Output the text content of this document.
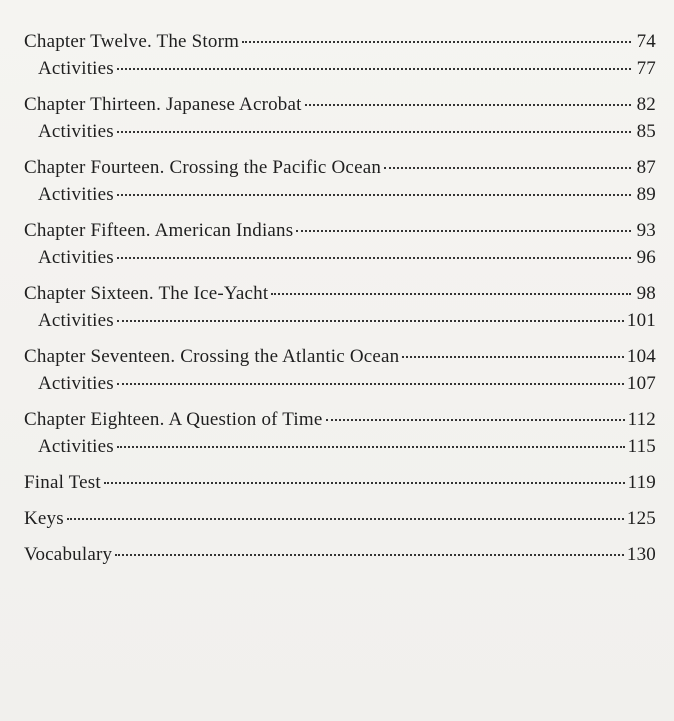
Chapter Twelve. The Storm	74
Activities	77
Chapter Thirteen. Japanese Acrobat	82
Activities	85
Chapter Fourteen. Crossing the Pacific Ocean	87
Activities	89
Chapter Fifteen. American Indians	93
Activities	96
Chapter Sixteen. The Ice-Yacht	98
Activities	101
Chapter Seventeen. Crossing the Atlantic Ocean	104
Activities	107
Chapter Eighteen. A Question of Time	112
Activities	115
Final Test	119
Keys	125
Vocabulary	130
